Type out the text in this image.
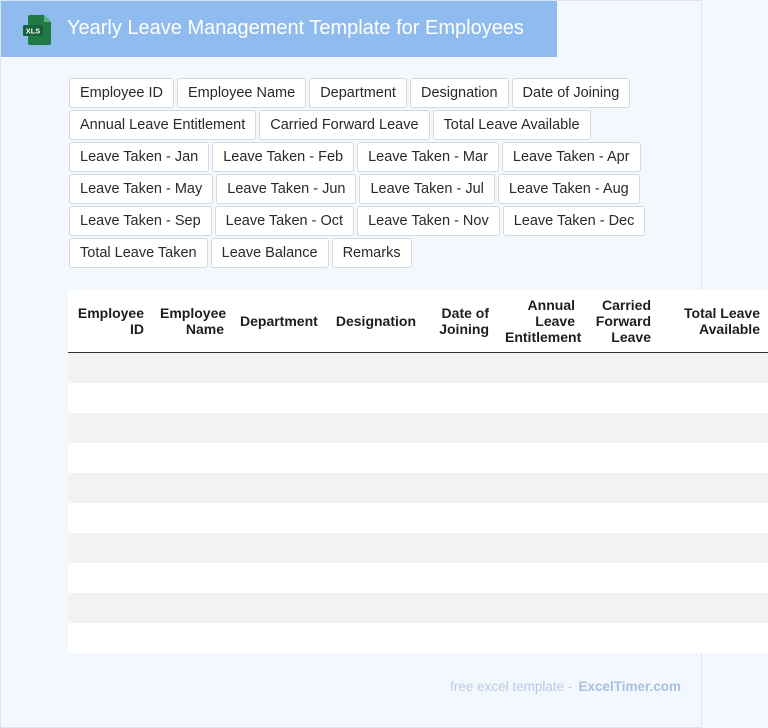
XLS Yearly Leave Management Template for Employees
Employee ID	Employee Name	Department	Designation	Date of Joining
Annual Leave Entitlement	Carried Forward Leave	Total Leave Available
Leave Taken - Jan	Leave Taken - Feb	Leave Taken - Mar	Leave Taken - Apr
Leave Taken - May	Leave Taken - Jun	Leave Taken - Jul	Leave Taken - Aug
Leave Taken - Sep	Leave Taken - Oct	Leave Taken - Nov	Leave Taken - Dec
Total Leave Taken	Leave Balance	Remarks
Employee ID	Employee Name	Department	Designation	Date of Joining	Annual Leave Entitlement	Carried Forward Leave	Total Leave Available

free excel template - ExcelTimer.com
